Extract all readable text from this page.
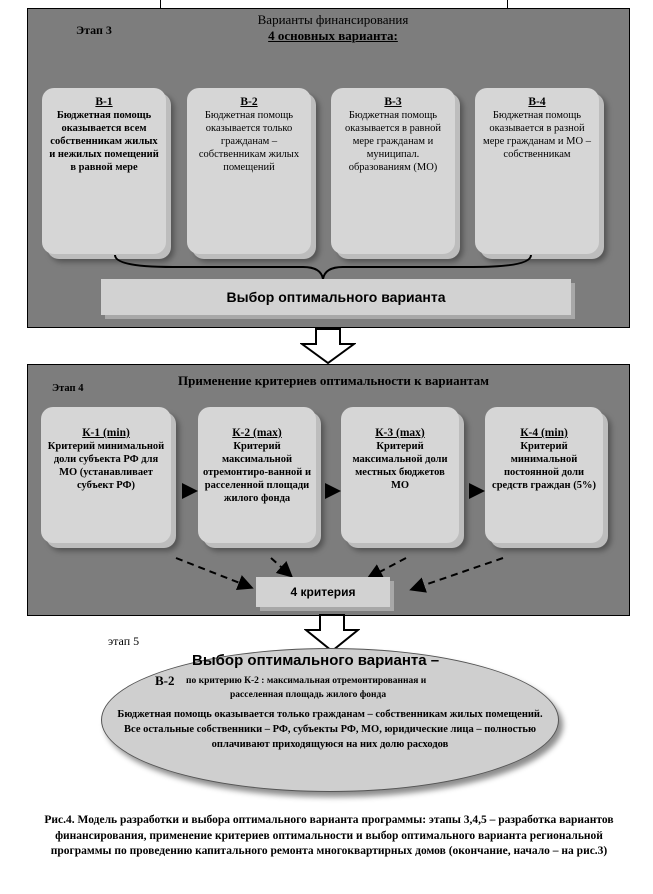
Этап 3
Варианты финансирования
4 основных варианта:
В-1
Бюджетная помощь оказывается всем собственникам жилых и нежилых помещений в равной мере
В-2
Бюджетная помощь оказывается только гражданам – собственникам жилых помещений
В-3
Бюджетная помощь оказывается в равной мере гражданам и муниципал. образованиям (МО)
В-4
Бюджетная помощь оказывается в разной мере гражданам и МО – собственникам
Выбор оптимального варианта
Этап 4
Применение критериев оптимальности к вариантам
К-1 (min)
Критерий минимальной доли субъекта РФ для МО (устанавливает субъект РФ)
К-2 (max)
Критерий максимальной отремонтиро-ванной и расселенной площади жилого фонда
К-3 (max)
Критерий максимальной доли местных бюджетов МО
К-4 (min)
Критерий минимальной постоянной доли средств граждан (5%)
4 критерия
этап 5
Выбор оптимального варианта –
В-2 по критерию К-2 : максимальная отремонтированная и
расселенная площадь жилого фонда
Бюджетная помощь оказывается только гражданам – собственникам жилых помещений. Все остальные собственники – РФ, субъекты РФ, МО, юридические лица – полностью оплачивают приходящуюся на них долю расходов
Рис.4. Модель разработки и выбора оптимального варианта программы: этапы 3,4,5 – разработка вариантов финансирования, применение критериев оптимальности и выбор оптимального варианта региональной программы по проведению капитального ремонта многоквартирных домов (окончание, начало – на рис.3)
